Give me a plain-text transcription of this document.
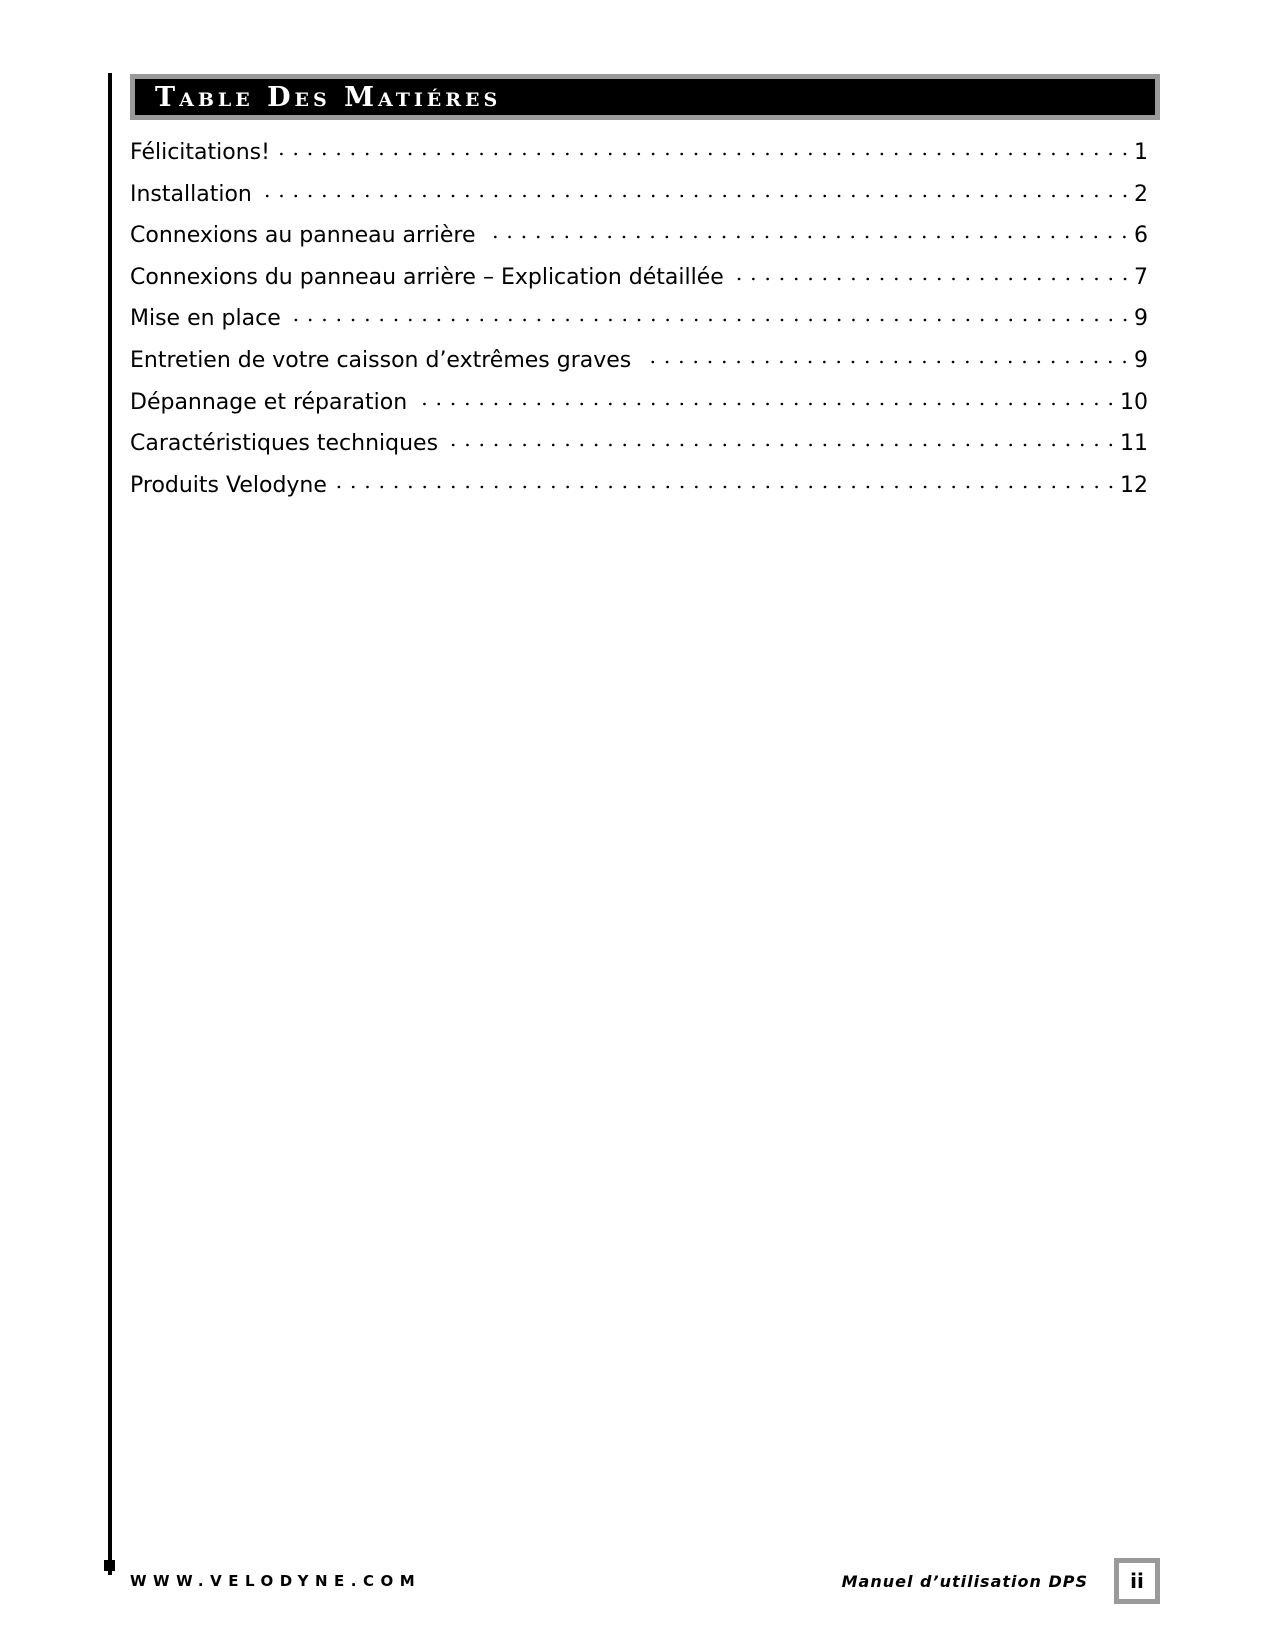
Table Des Matiéres
Félicitations!	1
Installation	2
Connexions au panneau arrière	6
Connexions du panneau arrière – Explication détaillée	7
Mise en place	9
Entretien de votre caisson d’extrêmes graves	9
Dépannage et réparation	10
Caractéristiques techniques	11
Produits Velodyne	12
WWW.VELODYNE.COM	Manuel d’utilisation DPS ii
